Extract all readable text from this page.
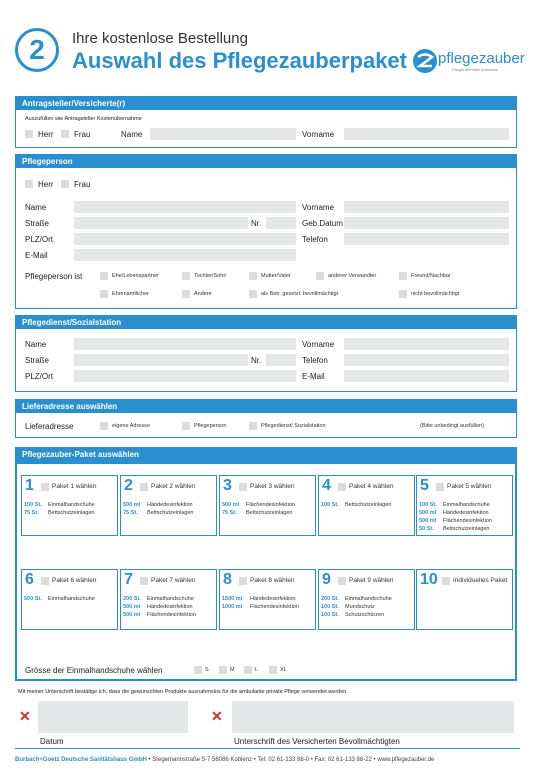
2	Ihre kostenlose Bestellung
Auswahl des Pflegezauberpaket pflegezauber
Pflegehilfsmittel kostenlos
Antragsteller/Versicherte(r)
Auszufüllen wie Antragsteller Kostenübernahme
Herr	Frau	Name	Vorname
Pflegeperson
Herr	Frau
Name	Vorname
Straße	Nr.	Geb.Datum
PLZ/Ort	Telefon
E-Mail
Pflegeperson ist	Ehe/Lebenspartner	Tochter/Sohn	Mutter/Vater	anderer Verwandter	Freund/Nachbar
Ehrenamtlicher	Andere	als Betr. gesetzl. bevollmächtigt	nicht bevollmächtigt
Pflegedienst/Sozialstation
Name	Vorname
Straße	Nr.	Telefon
PLZ/Ort	E-Mail
Lieferadresse auswählen
Lieferadresse	eigene Adresse	Pflegeperson	Pflegedienst/ Sozialstation	(Bitte unbedingt ausfüllen)
Pflegezauber-Paket auswählen
1	Paket 1 wählen
100 St. Einmalhandschuhe
75 St. Bettschutzeinlagen
2	Paket 2 wählen
500 ml Händedesinfektion
75 St. Bettschutzeinlagen
3	Paket 3 wählen
500 ml Flächendesinfektion
75 St. Bettschutzeinlagen
4	Paket 4 wählen
100 St. Bettschutzeinlagen
5	Paket 5 wählen
100 St. Einmalhandschuhe
500 ml Händedesinfektion
500 ml Flächendesinfektion
50 St. Bettschutzeinlagen
6	Paket 6 wählen
500 St. Einmalhandschuhe
7	Paket 7 wählen
200 St. Einmalhandschuhe
500 ml Händedesinfektion
500 ml Flächendesinfektion
8	Paket 8 wählen
1500 ml Händedesinfektion
1000 ml Flächendesinfektion
9	Paket 9 wählen
200 St. Einmalhandschuhe
100 St. Mundschutz
100 St. Schutzschürzen
10 Individuelles Paket
Grösse der Einmalhandschuhe wählen	S	M	L	XL
Mit meiner Unterschrift bestätige ich, dass die gewünschten Produkte ausnahmslos für die ambulante private Pflege verwendet werden.
✕
Datum
✕
Unterschrift des Versicherten Bevollmächtigten
Burbach+Goetz Deutsche Sanitätshaus GmbH • Stegemannstraße 5-7 56086 Koblenz • Tel: 02 61-133 88-0 • Fax: 02 61-133 88-22 • www.pflegezauber.de
